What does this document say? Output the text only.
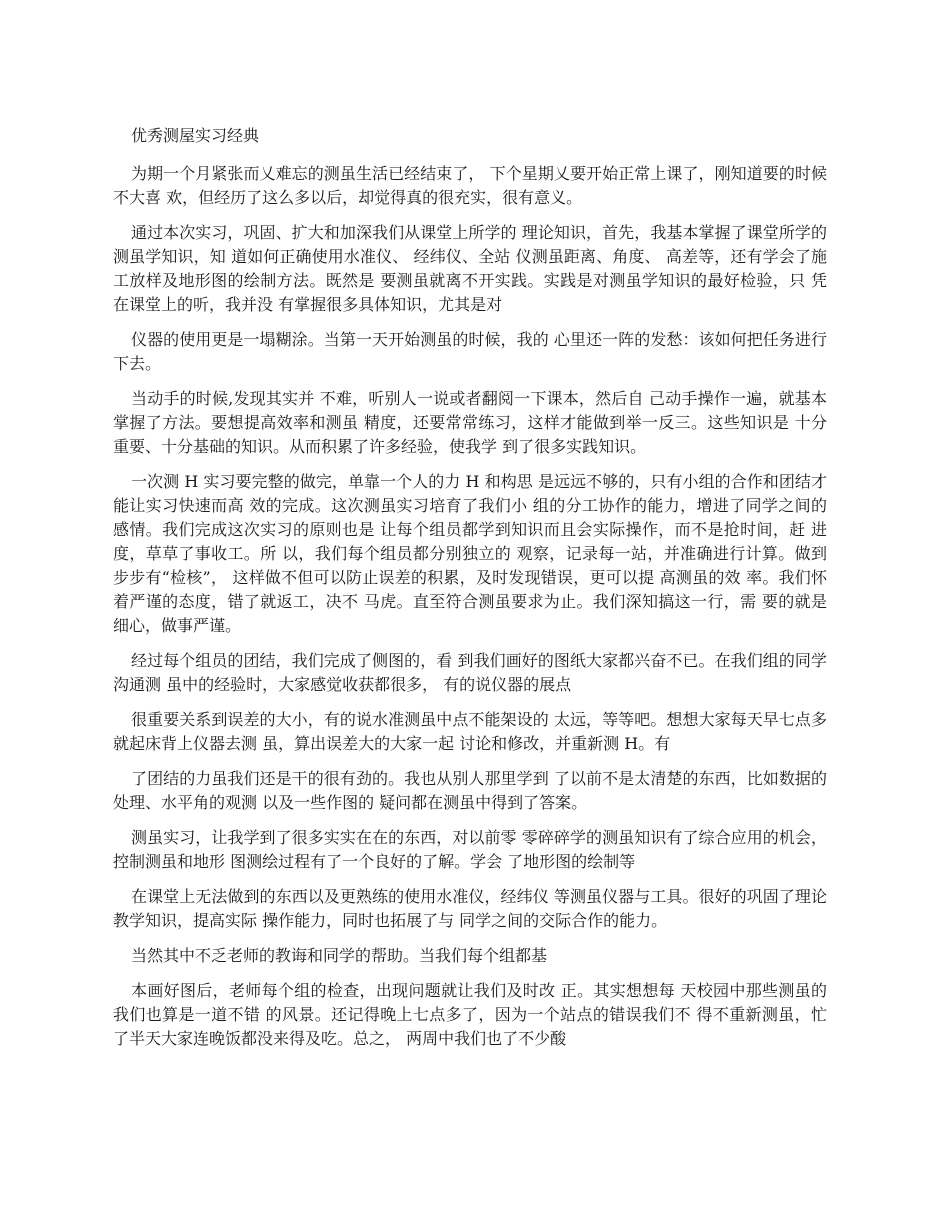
优秀测屋实习经典

为期一个月紧张而乂难忘的测虽生活已经结束了， 下个星期乂要开始正常上课了，刚知道要的时候不大喜 欢，但经历了这么多以后，却觉得真的很充实，很有意义。

通过本次实习，巩固、扩大和加深我们从课堂上所学的 理论知识，首先，我基本掌握了课堂所学的测虽学知识，知 道如何正确使用水准仪、 经纬仪、全站 仪测虽距离、角度、 高差等，还有学会了施工放样及地形图的绘制方法。既然是 要测虽就离不开实践。实践是对测虽学知识的最好检验，只 凭在课堂上的听，我并没 有掌握很多具体知识，尤其是对

仪器的使用更是一塌糊涂。当第一天开始测虽的时候，我的 心里还一阵的发愁：该如何把任务进行下去。

当动手的时候,发现其实并 不难，听别人一说或者翻阅一下课本，然后自 己动手操作一遍，就基本掌握了方法。要想提高效率和测虽 精度，还要常常练习，这样才能做到举一反三。这些知识是 十分重要、十分基础的知识。从而积累了许多经验，使我学 到了很多实践知识。

一次测 H 实习要完整的做完，单靠一个人的力 H 和构思 是远远不够的，只有小组的合作和团结才能让实习快速而高 效的完成。这次测虽实习培育了我们小 组的分工协作的能力，增进了同学之间的感情。我们完成这次实习的原则也是 让每个组员都学到知识而且会实际操作，而不是抢时间，赶 进度，草草了事收工。所 以，我们每个组员都分别独立的 观察，记录每一站，并准确进行计算。做到步步有“检核”， 这样做不但可以防止误差的积累，及时发现错误，更可以提 高测虽的效 率。我们怀着严谨的态度，错了就返工，决不 马虎。直至符合测虽要求为止。我们深知搞这一行，需 要的就是细心，做事严谨。

经过每个组员的团结，我们完成了侧图的，看 到我们画好的图纸大家都兴奋不已。在我们组的同学沟通测 虽中的经验时，大家感觉收获都很多， 有的说仪器的展点

很重要关系到误差的大小，有的说水准测虽中点不能架设的 太远，等等吧。想想大家每天早七点多就起床背上仪器去测 虽，算出误差大的大家一起 讨论和修改，并重新测 H。有

了团结的力虽我们还是干的很有劲的。我也从别人那里学到 了以前不是太清楚的东西，比如数据的处理、水平角的观测 以及一些作图的 疑问都在测虽中得到了答案。

测虽实习，让我学到了很多实实在在的东西，对以前零 零碎碎学的测虽知识有了综合应用的机会，控制测虽和地形 图测绘过程有了一个良好的了解。学会 了地形图的绘制等

在课堂上无法做到的东西以及更熟练的使用水准仪，经纬仪 等测虽仪器与工具。很好的巩固了理论教学知识，提高实际 操作能力，同时也拓展了与 同学之间的交际合作的能力。

当然其中不乏老师的教诲和同学的帮助。当我们每个组都基

本画好图后，老师每个组的检查，出现问题就让我们及时改 正。其实想想每 天校园中那些测虽的我们也算是一道不错 的风景。还记得晚上七点多了，因为一个站点的错误我们不 得不重新测虽，忙了半天大家连晚饭都没来得及吃。总之， 两周中我们也了不少酸
